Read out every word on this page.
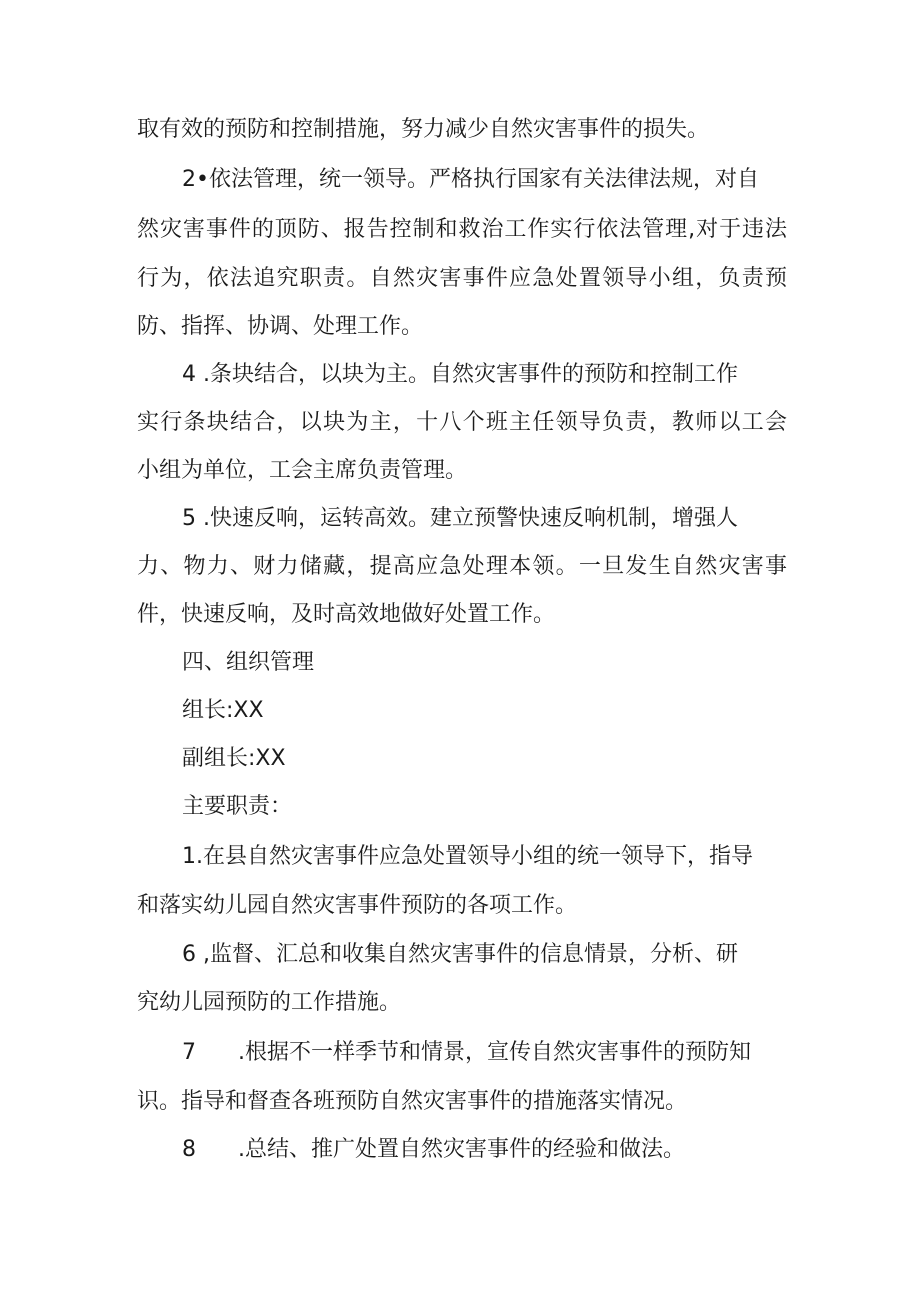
取有效的预防和控制措施，努力减少自然灾害事件的损失。

2•依法管理，统一领导。严格执行国家有关法律法规，对自

然灾害事件的顶防、报告控制和救治工作实行依法管理,对于违法

行为，依法追究职责。自然灾害事件应急处置领导小组，负责预

防、指挥、协调、处理工作。

4 .条块结合，以块为主。自然灾害事件的预防和控制工作

实行条块结合，以块为主，十八个班主任领导负责，教师以工会

小组为单位，工会主席负责管理。

5 .快速反响，运转高效。建立预警快速反响机制，增强人

力、物力、财力储藏，提高应急处理本领。一旦发生自然灾害事

件，快速反响，及时高效地做好处置工作。

四、组织管理

组长:XX

副组长:XX

主要职责：

1.在县自然灾害事件应急处置领导小组的统一领导下，指导

和落实幼儿园自然灾害事件预防的各项工作。

6 ,监督、汇总和收集自然灾害事件的信息情景，分析、研

究幼儿园预防的工作措施。

7 .根据不一样季节和情景，宣传自然灾害事件的预防知

识。指导和督查各班预防自然灾害事件的措施落实情况。

8 .总结、推广处置自然灾害事件的经验和做法。
